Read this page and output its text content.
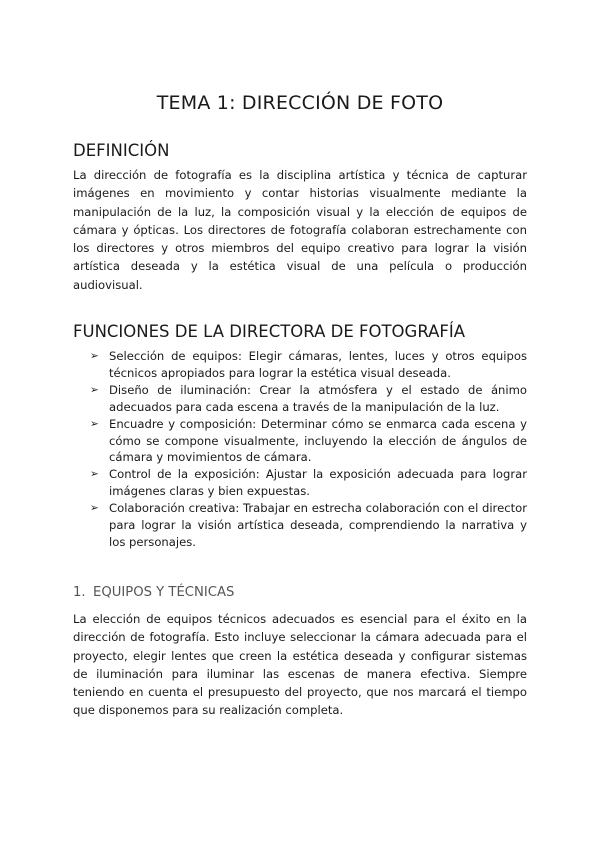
TEMA 1: DIRECCIÓN DE FOTO
DEFINICIÓN

La dirección de fotografía es la disciplina artística y técnica de capturar imágenes en movimiento y contar historias visualmente mediante la manipulación de la luz, la composición visual y la elección de equipos de cámara y ópticas. Los directores de fotografía colaboran estrechamente con los directores y otros miembros del equipo creativo para lograr la visión artística deseada y la estética visual de una película o producción audiovisual.

FUNCIONES DE LA DIRECTORA DE FOTOGRAFÍA
➢ Selección de equipos: Elegir cámaras, lentes, luces y otros equipos técnicos apropiados para lograr la estética visual deseada.
➢ Diseño de iluminación: Crear la atmósfera y el estado de ánimo adecuados para cada escena a través de la manipulación de la luz.
➢ Encuadre y composición: Determinar cómo se enmarca cada escena y cómo se compone visualmente, incluyendo la elección de ángulos de cámara y movimientos de cámara.
➢ Control de la exposición: Ajustar la exposición adecuada para lograr imágenes claras y bien expuestas.
➢ Colaboración creativa: Trabajar en estrecha colaboración con el director para lograr la visión artística deseada, comprendiendo la narrativa y los personajes.
1. EQUIPOS Y TÉCNICAS

La elección de equipos técnicos adecuados es esencial para el éxito en la dirección de fotografía. Esto incluye seleccionar la cámara adecuada para el proyecto, elegir lentes que creen la estética deseada y configurar sistemas de iluminación para iluminar las escenas de manera efectiva. Siempre teniendo en cuenta el presupuesto del proyecto, que nos marcará el tiempo que disponemos para su realización completa.
